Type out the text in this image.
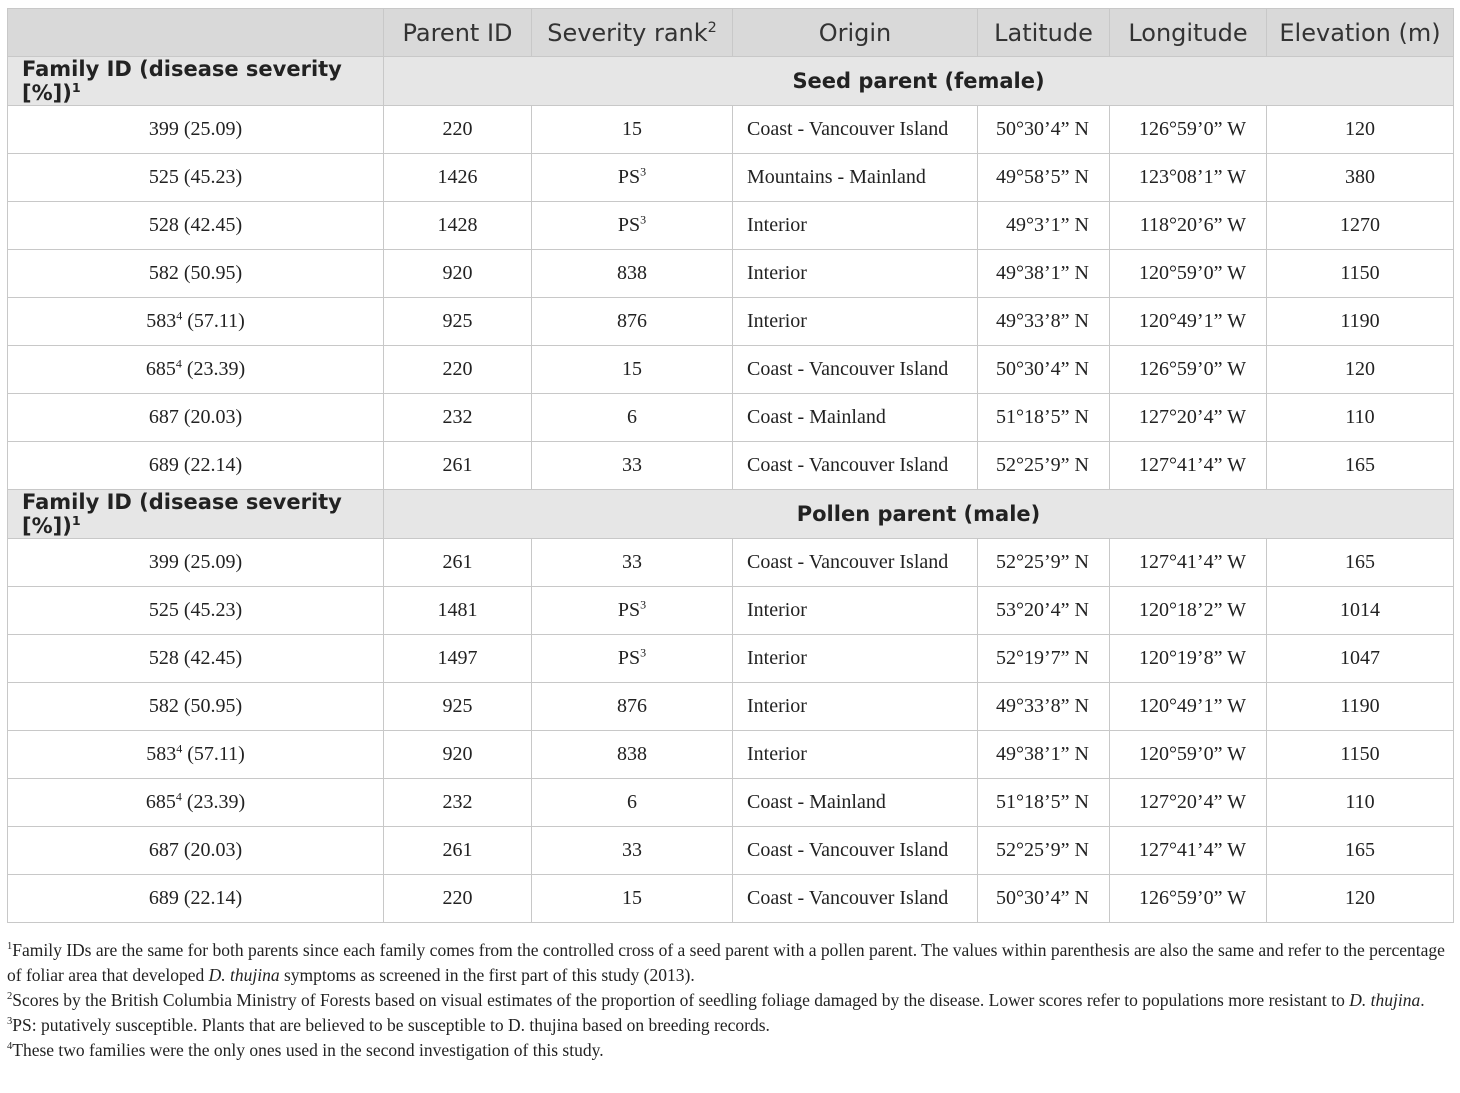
	Parent ID	Severity rank$^2$	Origin	Latitude	Longitude	Elevation (m)
Family ID (disease severity [%])$^1$	Seed parent (female)					
399 (25.09)	220	15	Coast - Vancouver Island	50°30’4” N	126°59’0” W	120
525 (45.23)	1426	$PS^3$	Mountains - Mainland	49°58’5” N	123°08’1” W	380
528 (42.45)	1428	$PS^3$	Interior	49°3’1” N	118°20’6” W	1270
582 (50.95)	920	838	Interior	49°38’1” N	120°59’0” W	1150
$583^4$ (57.11)	925	876	Interior	49°33’8” N	120°49’1” W	1190
$685^4$ (23.39)	220	15	Coast - Vancouver Island	50°30’4” N	126°59’0” W	120
687 (20.03)	232	6	Coast - Mainland	51°18’5” N	127°20’4” W	110
689 (22.14)	261	33	Coast - Vancouver Island	52°25’9” N	127°41’4” W	165
Family ID (disease severity [%])$^1$	Pollen parent (male)					
399 (25.09)	261	33	Coast - Vancouver Island	52°25’9” N	127°41’4” W	165
525 (45.23)	1481	$PS^3$	Interior	53°20’4” N	120°18’2” W	1014
528 (42.45)	1497	$PS^3$	Interior	52°19’7” N	120°19’8” W	1047
582 (50.95)	925	876	Interior	49°33’8” N	120°49’1” W	1190
$583^4$ (57.11)	920	838	Interior	49°38’1” N	120°59’0” W	1150
$685^4$ (23.39)	232	6	Coast - Mainland	51°18’5” N	127°20’4” W	110
687 (20.03)	261	33	Coast - Vancouver Island	52°25’9” N	127°41’4” W	165
689 (22.14)	220	15	Coast - Vancouver Island	50°30’4” N	126°59’0” W	120

$^1$Family IDs are the same for both parents since each family comes from the controlled cross of a seed parent with a pollen parent. The values within parenthesis are also the same and refer to the percentage of foliar area that developed D. thujina symptoms as screened in the first part of this study (2013).

$^2$Scores by the British Columbia Ministry of Forests based on visual estimates of the proportion of seedling foliage damaged by the disease. Lower scores refer to populations more resistant to D. thujina.

$^3$PS: putatively susceptible. Plants that are believed to be susceptible to D. thujina based on breeding records.

$^4$These two families were the only ones used in the second investigation of this study.
